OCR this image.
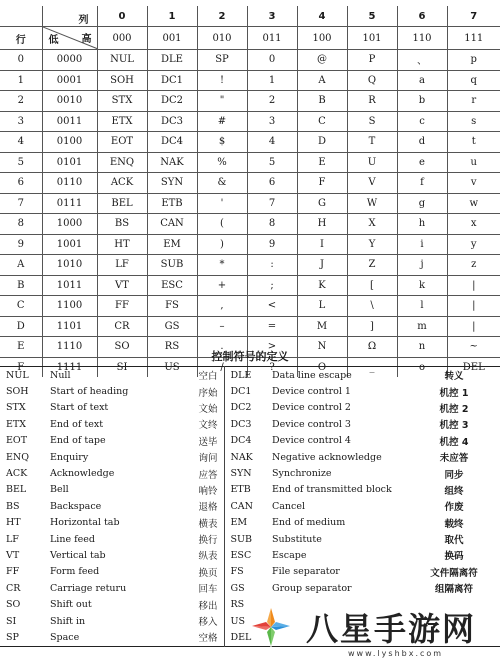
	列	0	1	2	3	4	5	6	7
行	低 高	000	001	010	011	100	101	110	111
0	0000	NUL	DLE	SP	0	@	P	、	p
1	0001	SOH	DC1	!	1	A	Q	a	q
2	0010	STX	DC2	"	2	B	R	b	r
3	0011	ETX	DC3	#	3	C	S	c	s
4	0100	EOT	DC4	$	4	D	T	d	t
5	0101	ENQ	NAK	%	5	E	U	e	u
6	0110	ACK	SYN	&	6	F	V	f	v
7	0111	BEL	ETB	'	7	G	W	g	w
8	1000	BS	CAN	(	8	H	X	h	x
9	1001	HT	EM	)	9	I	Y	i	y
A	1010	LF	SUB	*	:	J	Z	j	z
B	1011	VT	ESC	+	;	K	[	k	|
C	1100	FF	FS	,	<	L	\	l	|
D	1101	CR	GS	–	=	M	]	m	|
E	1110	SO	RS	.	>	N	Ω	n	~
F	1111	SI	US	/	?	O	_	o	DEL
控制符号的定义
NUL	Null	空白	DLE	Data line escape	转义
SOH	Start of heading	序始	DC1	Device control 1	机控 1
STX	Start of text	文始	DC2	Device control 2	机控 2
ETX	End of text	文终	DC3	Device control 3	机控 3
EOT	End of tape	送毕	DC4	Device control 4	机控 4
ENQ	Enquiry	询问	NAK	Negative acknowledge	未应答
ACK	Acknowledge	应答	SYN	Synchronize	同步
BEL	Bell	响铃	ETB	End of transmitted block	组终
BS	Backspace	退格	CAN	Cancel	作废
HT	Horizontal tab	横表	EM	End of medium	载终
LF	Line feed	换行	SUB	Substitute	取代
VT	Vertical tab	纵表	ESC	Escape	换码
FF	Form feed	换页	FS	File separator	文件隔离符
CR	Carriage returu	回车	GS	Group separator	组隔离符
SO	Shift out	移出	RS		
SI	Shift in	移入	US		
SP	Space	空格	DEL		八星手游网
www.lyshbx.com
